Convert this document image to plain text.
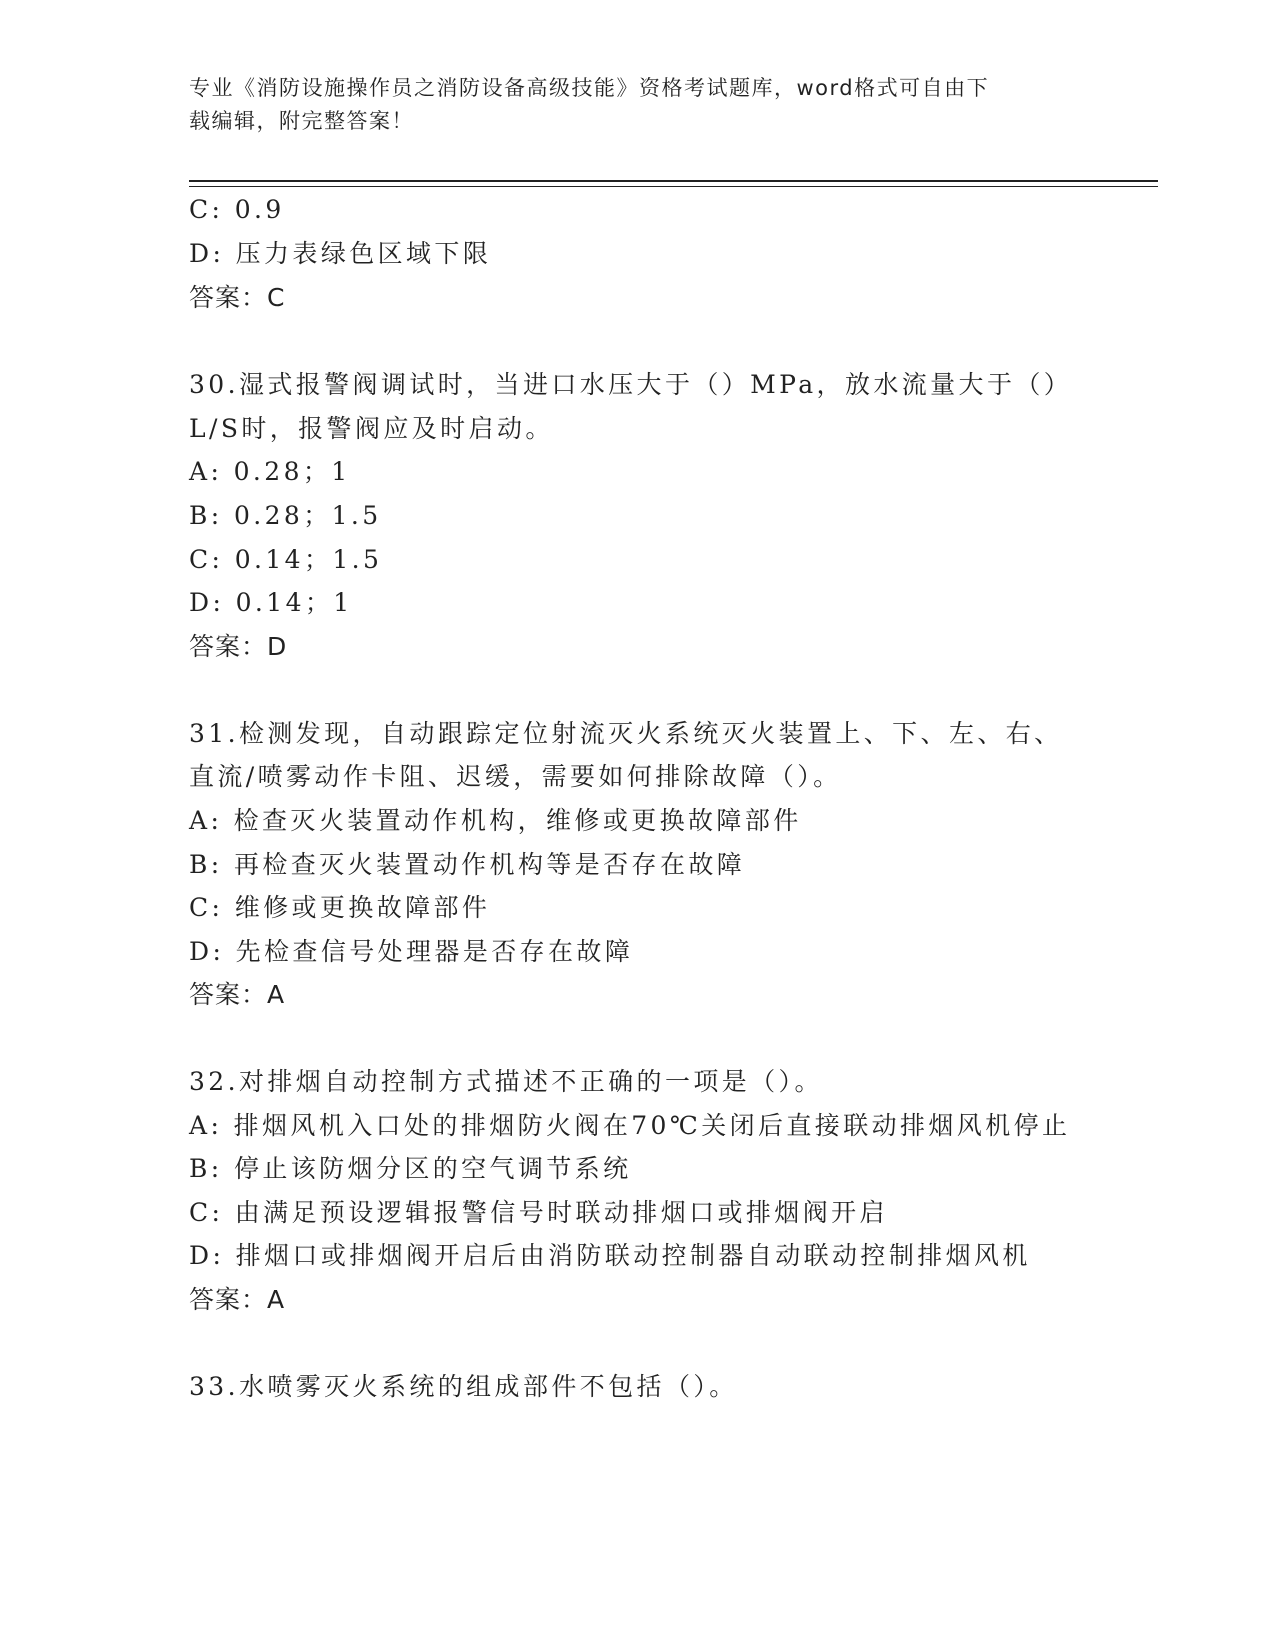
专业《消防设施操作员之消防设备高级技能》资格考试题库，word格式可自由下
载编辑，附完整答案！
C: 0.9
D: 压力表绿色区域下限
答案：C
30.湿式报警阀调试时，当进口水压大于（）MPa，放水流量大于（）
L/S时，报警阀应及时启动。
A: 0.28；1
B: 0.28；1.5
C: 0.14；1.5
D: 0.14；1
答案：D
31.检测发现，自动跟踪定位射流灭火系统灭火装置上、下、左、右、
直流/喷雾动作卡阻、迟缓，需要如何排除故障（）。
A: 检查灭火装置动作机构，维修或更换故障部件
B: 再检查灭火装置动作机构等是否存在故障
C: 维修或更换故障部件
D: 先检查信号处理器是否存在故障
答案：A
32.对排烟自动控制方式描述不正确的一项是（）。
A: 排烟风机入口处的排烟防火阀在70℃关闭后直接联动排烟风机停止
B: 停止该防烟分区的空气调节系统
C: 由满足预设逻辑报警信号时联动排烟口或排烟阀开启
D: 排烟口或排烟阀开启后由消防联动控制器自动联动控制排烟风机
答案：A
33.水喷雾灭火系统的组成部件不包括（）。
